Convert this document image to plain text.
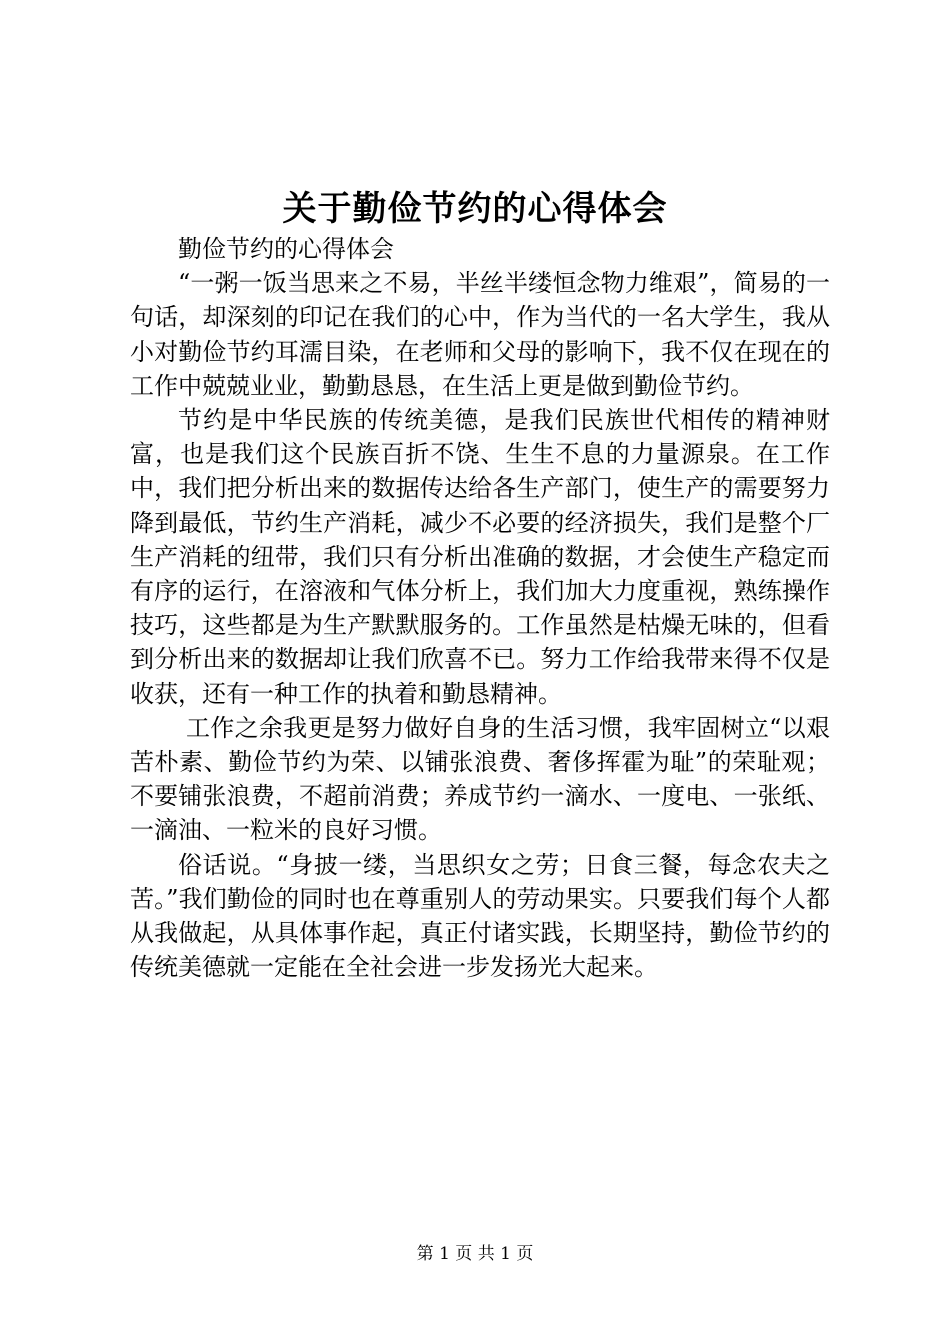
关于勤俭节约的心得体会

勤俭节约的心得体会

“一粥一饭当思来之不易，半丝半缕恒念物力维艰”，简易的一句话，却深刻的印记在我们的心中，作为当代的一名大学生，我从小对勤俭节约耳濡目染，在老师和父母的影响下，我不仅在现在的工作中兢兢业业，勤勤恳恳，在生活上更是做到勤俭节约。

节约是中华民族的传统美德，是我们民族世代相传的精神财富，也是我们这个民族百折不饶、生生不息的力量源泉。在工作中，我们把分析出来的数据传达给各生产部门，使生产的需要努力降到最低，节约生产消耗，减少不必要的经济损失，我们是整个厂生产消耗的纽带，我们只有分析出准确的数据，才会使生产稳定而有序的运行，在溶液和气体分析上，我们加大力度重视，熟练操作技巧，这些都是为生产默默服务的。工作虽然是枯燥无味的，但看到分析出来的数据却让我们欣喜不已。努力工作给我带来得不仅是收获，还有一种工作的执着和勤恳精神。

工作之余我更是努力做好自身的生活习惯，我牢固树立“以艰苦朴素、勤俭节约为荣、以铺张浪费、奢侈挥霍为耻”的荣耻观；不要铺张浪费，不超前消费；养成节约一滴水、一度电、一张纸、一滴油、一粒米的良好习惯。

俗话说。“身披一缕，当思织女之劳；日食三餐，每念农夫之苦。”我们勤俭的同时也在尊重别人的劳动果实。只要我们每个人都从我做起，从具体事作起，真正付诸实践，长期坚持，勤俭节约的传统美德就一定能在全社会进一步发扬光大起来。

第 1 页 共 1 页
